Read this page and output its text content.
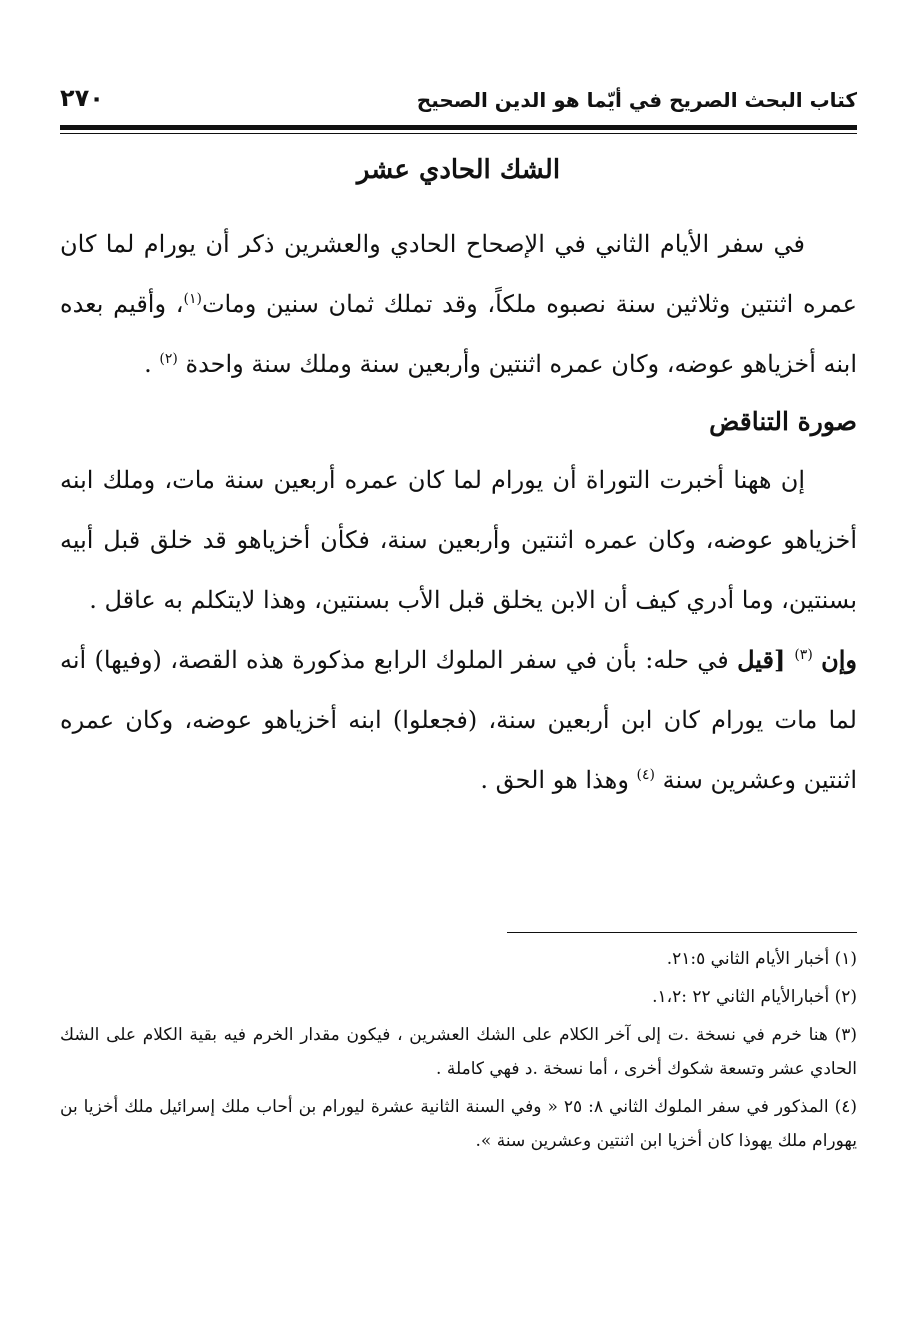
كتاب البحث الصريح في أيّما هو الدين الصحيح
٢٧٠
الشك الحادي عشر

في سفر الأيام الثاني في الإصحاح الحادي والعشرين ذكر أن يورام لما كان عمره اثنتين وثلاثين سنة نصبوه ملكاً، وقد تملك ثمان سنين ومات$^{(١)}$، وأقيم بعده ابنه أخزياهو عوضه، وكان عمره اثنتين وأربعين سنة وملك سنة واحدة $^{(٢)}$ .

صورة التناقض

إن ههنا أخبرت التوراة أن يورام لما كان عمره أربعين سنة مات، وملك ابنه أخزياهو عوضه، وكان عمره اثنتين وأربعين سنة، فكأن أخزياهو قد خلق قبل أبيه بسنتين، وما أدري كيف أن الابن يخلق قبل الأب بسنتين، وهذا لايتكلم به عاقل .

وإن $^{(٣)}$ [قيل في حله: بأن في سفر الملوك الرابع مذكورة هذه القصة، (وفيها) أنه لما مات يورام كان ابن أربعين سنة، (فجعلوا) ابنه أخزياهو عوضه، وكان عمره اثنتين وعشرين سنة $^{(٤)}$ وهذا هو الحق .

(١) أخبار الأيام الثاني ٢١:٥.

(٢) أخبارالأيام الثاني ٢٢ :١،٢.

(٣) هنا خرم في نسخة .ت إلى آخر الكلام على الشك العشرين ، فيكون مقدار الخرم فيه بقية الكلام على الشك الحادي عشر وتسعة شكوك أخرى ، أما نسخة .د فهي كاملة .

(٤) المذكور في سفر الملوك الثاني ٨: ٢٥ « وفي السنة الثانية عشرة ليورام بن أحاب ملك إسرائيل ملك أخزيا بن يهورام ملك يهوذا كان أخزيا ابن اثنتين وعشرين سنة ».
